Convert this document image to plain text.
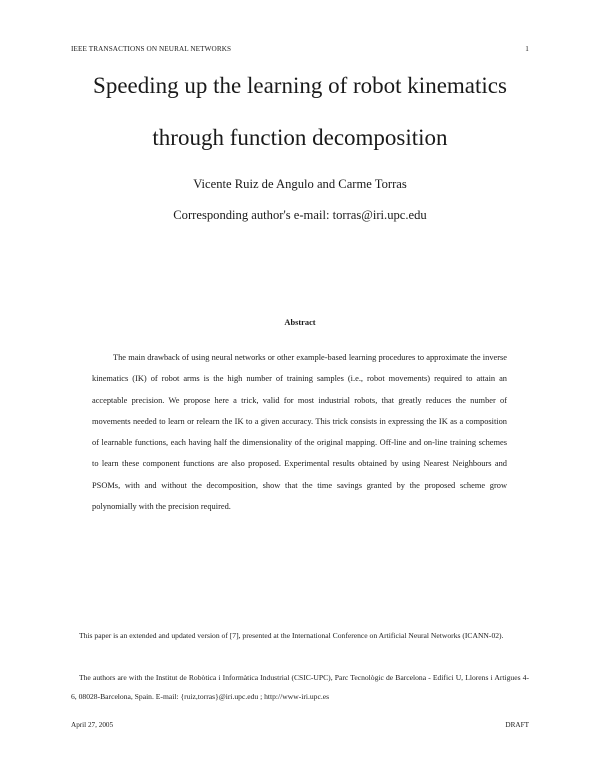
IEEE TRANSACTIONS ON NEURAL NETWORKS	1
Speeding up the learning of robot kinematics
through function decomposition
Vicente Ruiz de Angulo and Carme Torras
Corresponding author's e-mail: torras@iri.upc.edu
Abstract

The main drawback of using neural networks or other example-based learning procedures to approximate the inverse kinematics (IK) of robot arms is the high number of training samples (i.e., robot movements) required to attain an acceptable precision. We propose here a trick, valid for most industrial robots, that greatly reduces the number of movements needed to learn or relearn the IK to a given accuracy. This trick consists in expressing the IK as a composition of learnable functions, each having half the dimensionality of the original mapping. Off-line and on-line training schemes to learn these component functions are also proposed. Experimental results obtained by using Nearest Neighbours and PSOMs, with and without the decomposition, show that the time savings granted by the proposed scheme grow polynomially with the precision required.

This paper is an extended and updated version of [7], presented at the International Conference on Artificial Neural Networks (ICANN-02).

The authors are with the Institut de Robòtica i Informàtica Industrial (CSIC-UPC), Parc Tecnològic de Barcelona - Edifici U, Llorens i Artigues 4-6, 08028-Barcelona, Spain. E-mail: {ruiz,torras}@iri.upc.edu ; http://www-iri.upc.es

April 27, 2005	DRAFT
